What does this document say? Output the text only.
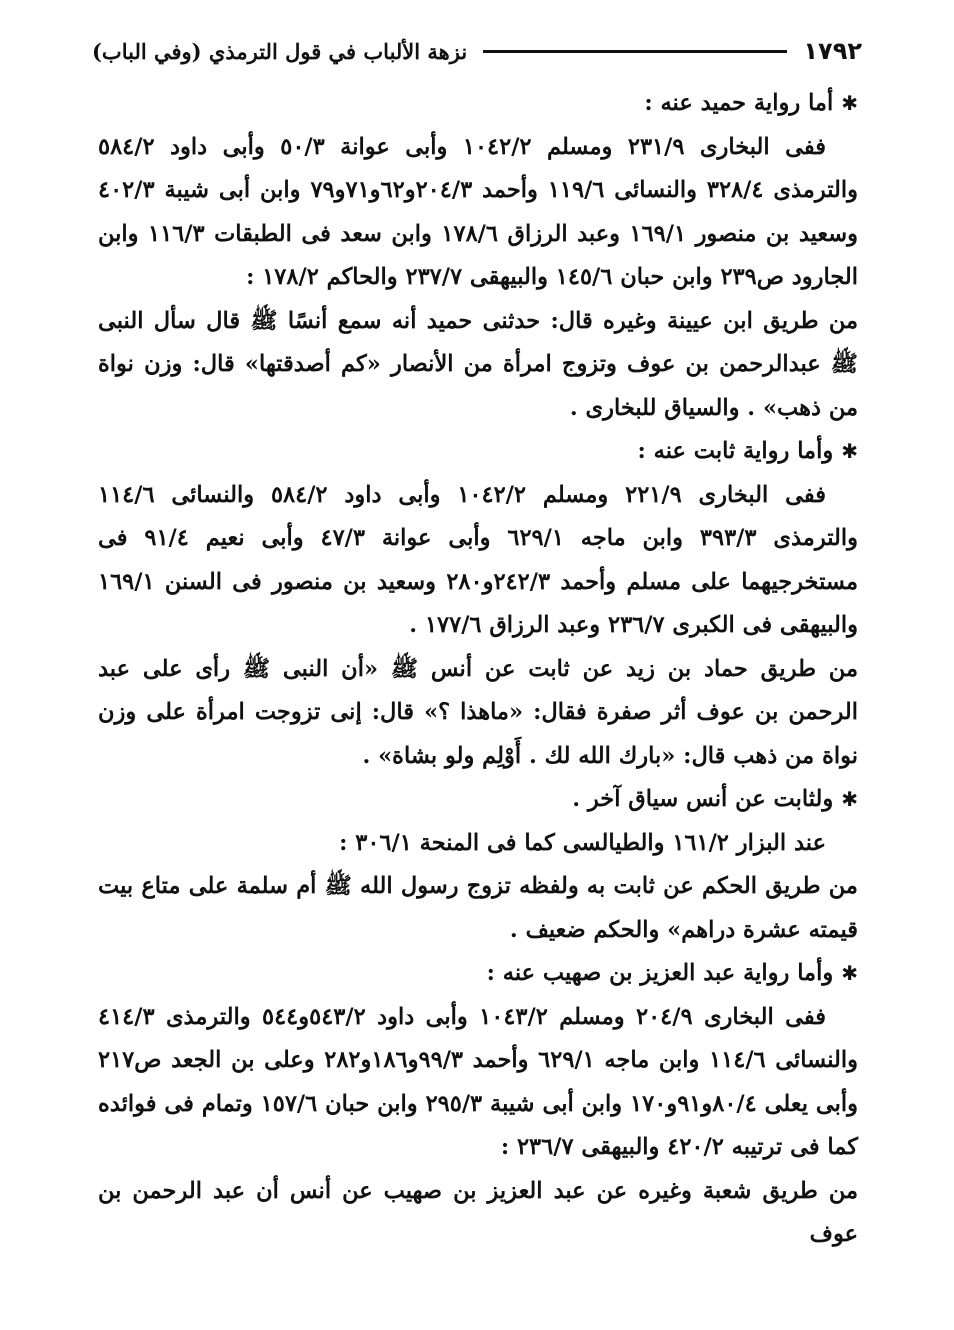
١٧٩٢
نزهة الألباب في قول الترمذي (وفي الباب)

✱أما رواية حميد عنه :

ففى البخارى ٢٣١/٩ ومسلم ١٠٤٢/٢ وأبى عوانة ٥٠/٣ وأبى داود ٥٨٤/٢ والترمذى ٣٢٨/٤ والنسائى ١١٩/٦ وأحمد ٢٠٤/٣و٦٢و٧١و٧٩ وابن أبى شيبة ٤٠٢/٣ وسعيد بن منصور ١٦٩/١ وعبد الرزاق ١٧٨/٦ وابن سعد فى الطبقات ١١٦/٣ وابن الجارود ص٢٣٩ وابن حبان ١٤٥/٦ والبيهقى ٢٣٧/٧ والحاكم ١٧٨/٢ :

من طريق ابن عيينة وغيره قال: حدثنى حميد أنه سمع أنسًا ﷺ قال سأل النبى ﷺ عبدالرحمن بن عوف وتزوج امرأة من الأنصار «كم أصدقتها» قال: وزن نواة من ذهب» . والسياق للبخارى .

✱وأما رواية ثابت عنه :

ففى البخارى ٢٢١/٩ ومسلم ١٠٤٢/٢ وأبى داود ٥٨٤/٢ والنسائى ١١٤/٦ والترمذى ٣٩٣/٣ وابن ماجه ٦٢٩/١ وأبى عوانة ٤٧/٣ وأبى نعيم ٩١/٤ فى مستخرجيهما على مسلم وأحمد ٢٤٢/٣و٢٨٠ وسعيد بن منصور فى السنن ١٦٩/١ والبيهقى فى الكبرى ٢٣٦/٧ وعبد الرزاق ١٧٧/٦ .

من طريق حماد بن زيد عن ثابت عن أنس ﷺ «أن النبى ﷺ رأى على عبد الرحمن بن عوف أثر صفرة فقال: «ماهذا ؟» قال: إنى تزوجت امرأة على وزن نواة من ذهب قال: «بارك الله لك . أَوْلِم ولو بشاة» .

✱ولثابت عن أنس سياق آخر .

عند البزار ١٦١/٢ والطيالسى كما فى المنحة ٣٠٦/١ :

من طريق الحكم عن ثابت به ولفظه تزوج رسول الله ﷺ أم سلمة على متاع بيت قيمته عشرة دراهم» والحكم ضعيف .

✱وأما رواية عبد العزيز بن صهيب عنه :

ففى البخارى ٢٠٤/٩ ومسلم ١٠٤٣/٢ وأبى داود ٥٤٣/٢و٥٤٤ والترمذى ٤١٤/٣ والنسائى ١١٤/٦ وابن ماجه ٦٢٩/١ وأحمد ٩٩/٣و١٨٦و٢٨٢ وعلى بن الجعد ص٢١٧ وأبى يعلى ٨٠/٤و٩١و١٧٠ وابن أبى شيبة ٢٩٥/٣ وابن حبان ١٥٧/٦ وتمام فى فوائده كما فى ترتيبه ٤٢٠/٢ والبيهقى ٢٣٦/٧ :

من طريق شعبة وغيره عن عبد العزيز بن صهيب عن أنس أن عبد الرحمن بن عوف
